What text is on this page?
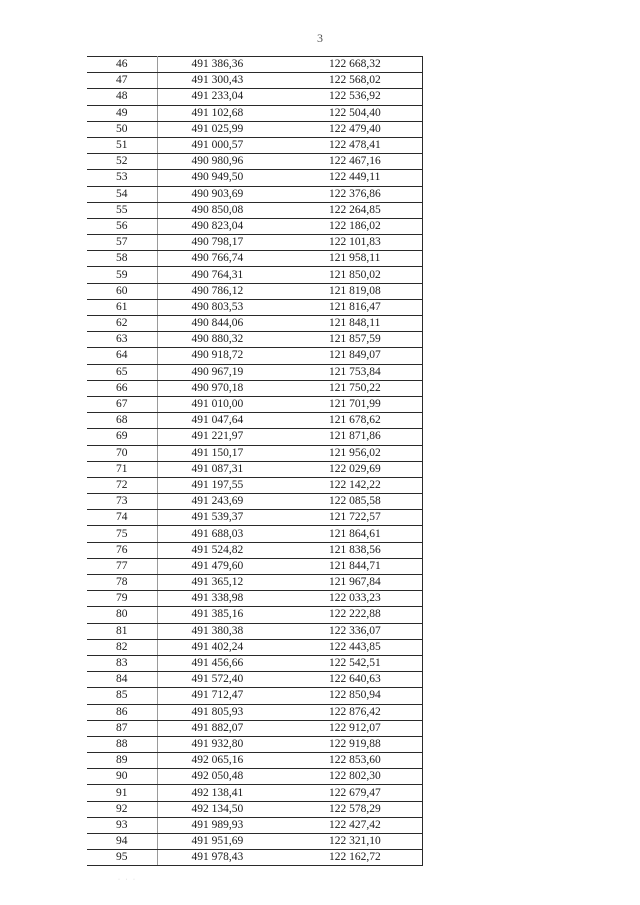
3
46	491 386,36	122 668,32
47	491 300,43	122 568,02
48	491 233,04	122 536,92
49	491 102,68	122 504,40
50	491 025,99	122 479,40
51	491 000,57	122 478,41
52	490 980,96	122 467,16
53	490 949,50	122 449,11
54	490 903,69	122 376,86
55	490 850,08	122 264,85
56	490 823,04	122 186,02
57	490 798,17	122 101,83
58	490 766,74	121 958,11
59	490 764,31	121 850,02
60	490 786,12	121 819,08
61	490 803,53	121 816,47
62	490 844,06	121 848,11
63	490 880,32	121 857,59
64	490 918,72	121 849,07
65	490 967,19	121 753,84
66	490 970,18	121 750,22
67	491 010,00	121 701,99
68	491 047,64	121 678,62
69	491 221,97	121 871,86
70	491 150,17	121 956,02
71	491 087,31	122 029,69
72	491 197,55	122 142,22
73	491 243,69	122 085,58
74	491 539,37	121 722,57
75	491 688,03	121 864,61
76	491 524,82	121 838,56
77	491 479,60	121 844,71
78	491 365,12	121 967,84
79	491 338,98	122 033,23
80	491 385,16	122 222,88
81	491 380,38	122 336,07
82	491 402,24	122 443,85
83	491 456,66	122 542,51
84	491 572,40	122 640,63
85	491 712,47	122 850,94
86	491 805,93	122 876,42
87	491 882,07	122 912,07
88	491 932,80	122 919,88
89	492 065,16	122 853,60
90	492 050,48	122 802,30
91	492 138,41	122 679,47
92	492 134,50	122 578,29
93	491 989,93	122 427,42
94	491 951,69	122 321,10
95	491 978,43	122 162,72
· · ·
